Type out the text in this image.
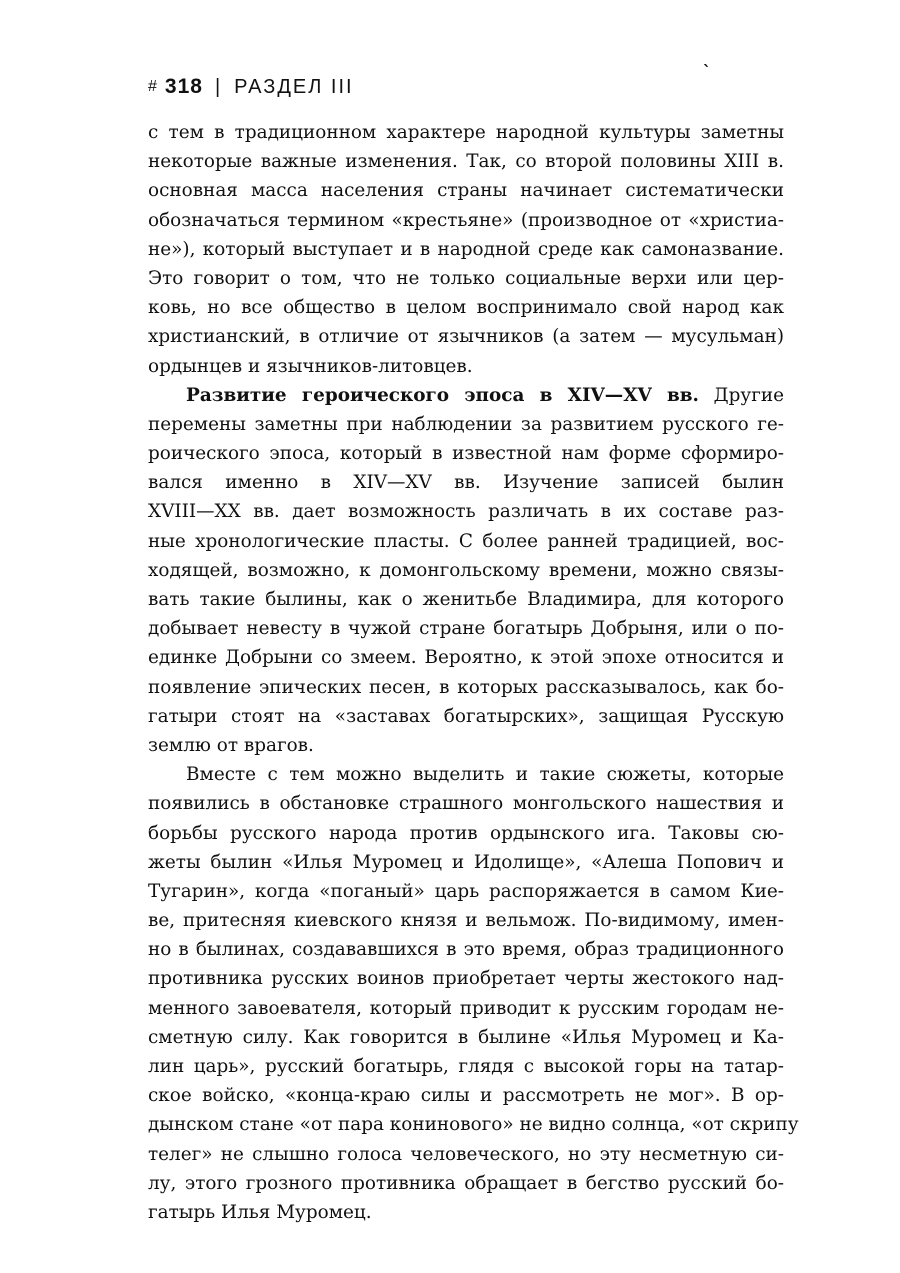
ˎ
# 318 | РАЗДЕЛ III
с тем в традиционном характере народной культуры заметны
некоторые важные изменения. Так, со второй половины XIII в.
основная масса населения страны начинает систематически
обозначаться термином «крестьяне» (производное от «христиа-
не»), который выступает и в народной среде как самоназвание.
Это говорит о том, что не только социальные верхи или цер-
ковь, но все общество в целом воспринимало свой народ как
христианский, в отличие от язычников (а затем — мусульман)
ордынцев и язычников-литовцев.
Развитие героического эпоса в XIV—XV вв. Другие
перемены заметны при наблюдении за развитием русского ге-
роического эпоса, который в известной нам форме сформиро-
вался именно в XIV—XV вв. Изучение записей былин
XVIII—XX вв. дает возможность различать в их составе раз-
ные хронологические пласты. С более ранней традицией, вос-
ходящей, возможно, к домонгольскому времени, можно связы-
вать такие былины, как о женитьбе Владимира, для которого
добывает невесту в чужой стране богатырь Добрыня, или о по-
единке Добрыни со змеем. Вероятно, к этой эпохе относится и
появление эпических песен, в которых рассказывалось, как бо-
гатыри стоят на «заставах богатырских», защищая Русскую
землю от врагов.
Вместе с тем можно выделить и такие сюжеты, которые
появились в обстановке страшного монгольского нашествия и
борьбы русского народа против ордынского ига. Таковы сю-
жеты былин «Илья Муромец и Идолище», «Алеша Попович и
Тугарин», когда «поганый» царь распоряжается в самом Кие-
ве, притесняя киевского князя и вельмож. По-видимому, имен-
но в былинах, создававшихся в это время, образ традиционного
противника русских воинов приобретает черты жестокого над-
менного завоевателя, который приводит к русским городам не-
сметную силу. Как говорится в былине «Илья Муромец и Ка-
лин царь», русский богатырь, глядя с высокой горы на татар-
ское войско, «конца-краю силы и рассмотреть не мог». В ор-
дынском стане «от пара конинового» не видно солнца, «от скрипу
телег» не слышно голоса человеческого, но эту несметную си-
лу, этого грозного противника обращает в бегство русский бо-
гатырь Илья Муромец.
